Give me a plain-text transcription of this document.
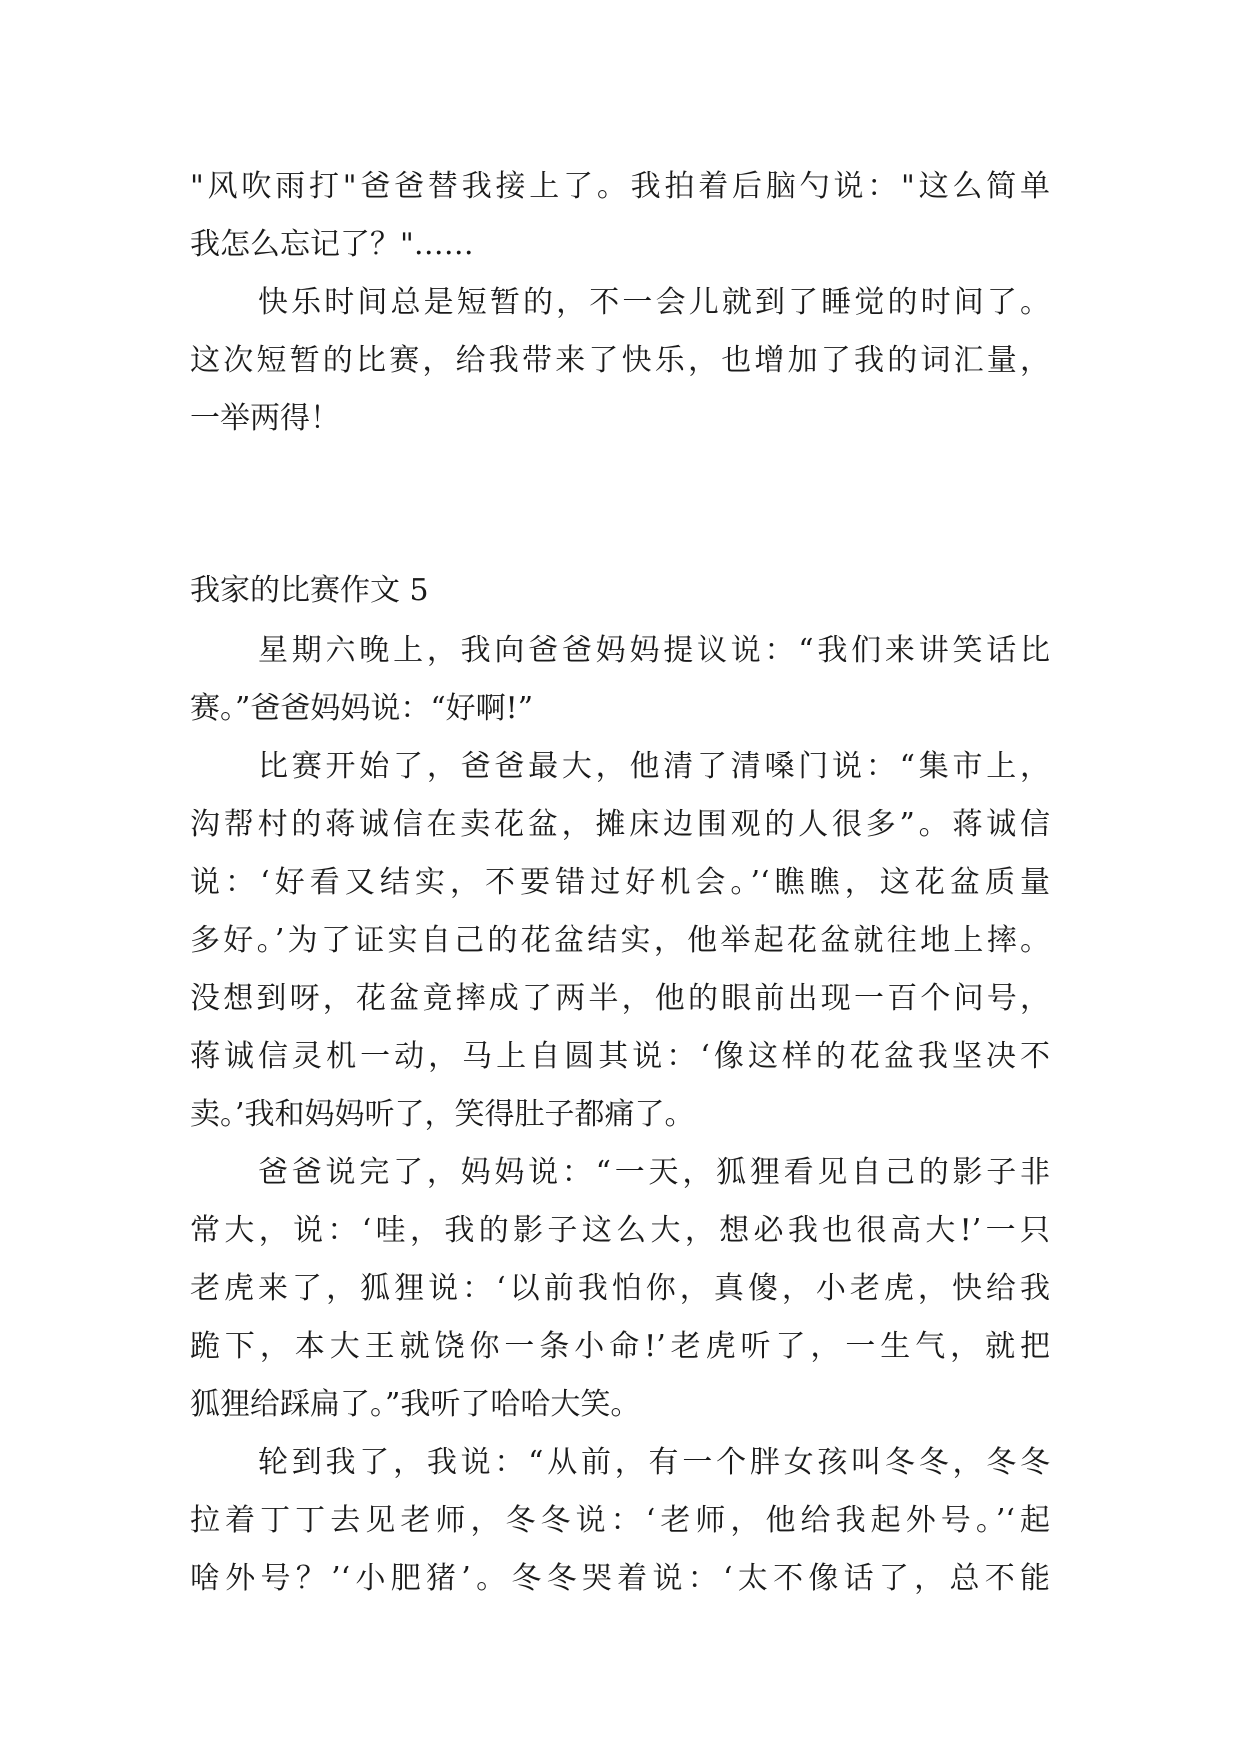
"风吹雨打"爸爸替我接上了。我拍着后脑勺说："这么简单
我怎么忘记了？"……
快乐时间总是短暂的，不一会儿就到了睡觉的时间了。
这次短暂的比赛，给我带来了快乐，也增加了我的词汇量，
一举两得！
我家的比赛作文 5
星期六晚上，我向爸爸妈妈提议说：“我们来讲笑话比
赛。”爸爸妈妈说：“好啊!”
比赛开始了，爸爸最大，他清了清嗓门说：“集市上，
沟帮村的蒋诚信在卖花盆，摊床边围观的人很多”。蒋诚信
说：‘好看又结实，不要错过好机会。’‘瞧瞧，这花盆质量
多好。’为了证实自己的花盆结实，他举起花盆就往地上摔。
没想到呀，花盆竟摔成了两半，他的眼前出现一百个问号，
蒋诚信灵机一动，马上自圆其说：‘像这样的花盆我坚决不
卖。’我和妈妈听了，笑得肚子都痛了。
爸爸说完了，妈妈说：“一天，狐狸看见自己的影子非
常大，说：‘哇，我的影子这么大，想必我也很高大!’一只
老虎来了，狐狸说：‘以前我怕你，真傻，小老虎，快给我
跪下，本大王就饶你一条小命!’老虎听了，一生气，就把
狐狸给踩扁了。”我听了哈哈大笑。
轮到我了，我说：“从前，有一个胖女孩叫冬冬，冬冬
拉着丁丁去见老师，冬冬说：‘老师，他给我起外号。’‘起
啥外号？’‘小肥猪’。冬冬哭着说：‘太不像话了，总不能
